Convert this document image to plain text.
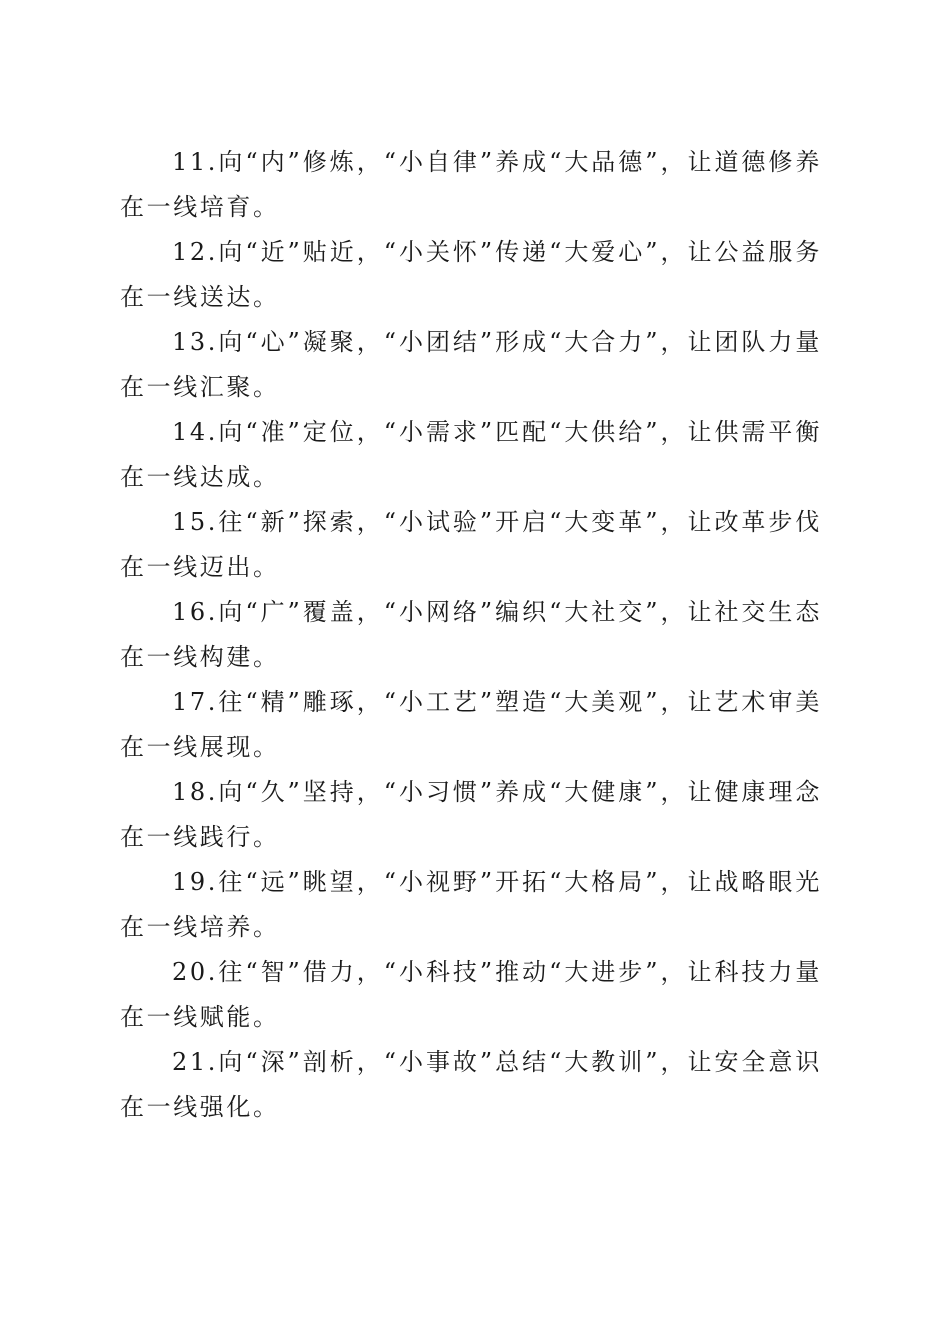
11.向“内”修炼，“小自律”养成“大品德”，让道德修养在一线培育。

12.向“近”贴近，“小关怀”传递“大爱心”，让公益服务在一线送达。

13.向“心”凝聚，“小团结”形成“大合力”，让团队力量在一线汇聚。

14.向“准”定位，“小需求”匹配“大供给”，让供需平衡在一线达成。

15.往“新”探索，“小试验”开启“大变革”，让改革步伐在一线迈出。

16.向“广”覆盖，“小网络”编织“大社交”，让社交生态在一线构建。

17.往“精”雕琢，“小工艺”塑造“大美观”，让艺术审美在一线展现。

18.向“久”坚持，“小习惯”养成“大健康”，让健康理念在一线践行。

19.往“远”眺望，“小视野”开拓“大格局”，让战略眼光在一线培养。

20.往“智”借力，“小科技”推动“大进步”，让科技力量在一线赋能。

21.向“深”剖析，“小事故”总结“大教训”，让安全意识在一线强化。
